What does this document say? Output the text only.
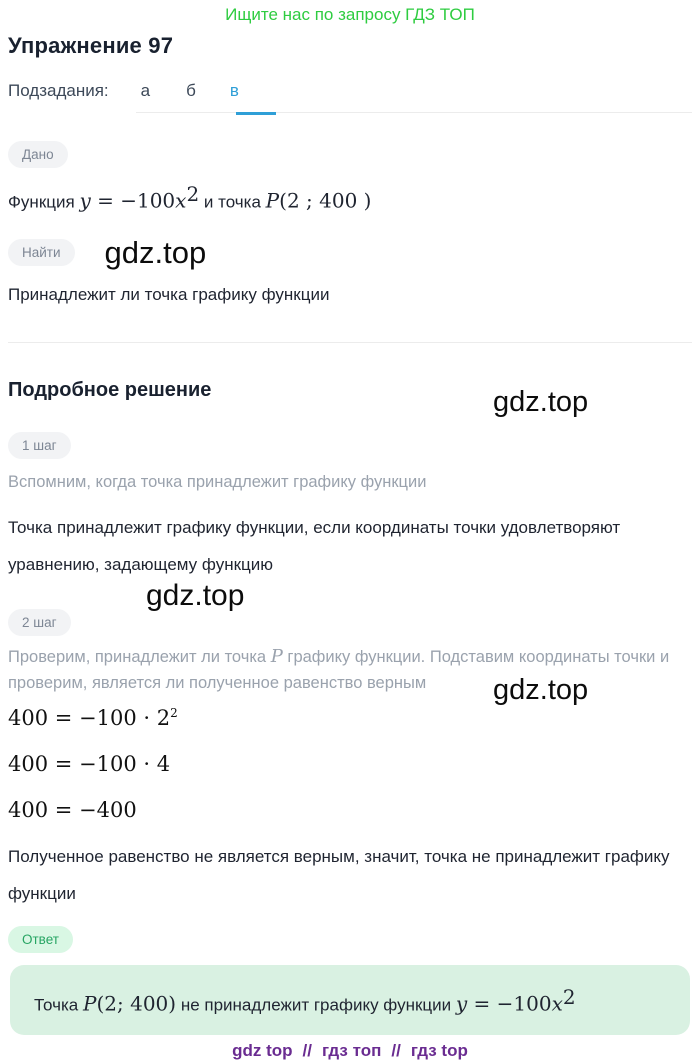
Ищите нас по запросу ГДЗ ТОП
Упражнение 97
Подзадания: а б в
Дано
Функция $y = -100x^2$ и точка P(2 ; 400 )
Найти	gdz.top
Принадлежит ли точка графику функции
Подробное решение
1 шаг
Вспомним, когда точка принадлежит графику функции
Точка принадлежит графику функции, если координаты точки удовлетворяют уравнению, задающему функцию
2 шаг
Проверим, принадлежит ли точка P графику функции. Подставим координаты точки и проверим, является ли полученное равенство верным
$400 = -100 \cdot 2^2$
400 = −100 · 4
400 = −400
Полученное равенство не является верным, значит, точка не принадлежит графику функции
Ответ
Точка P(2; 400) не принадлежит графику функции $y = -100x^2$
gdz top // гдз топ // гдз top
gdz.top
gdz.top
gdz.top
